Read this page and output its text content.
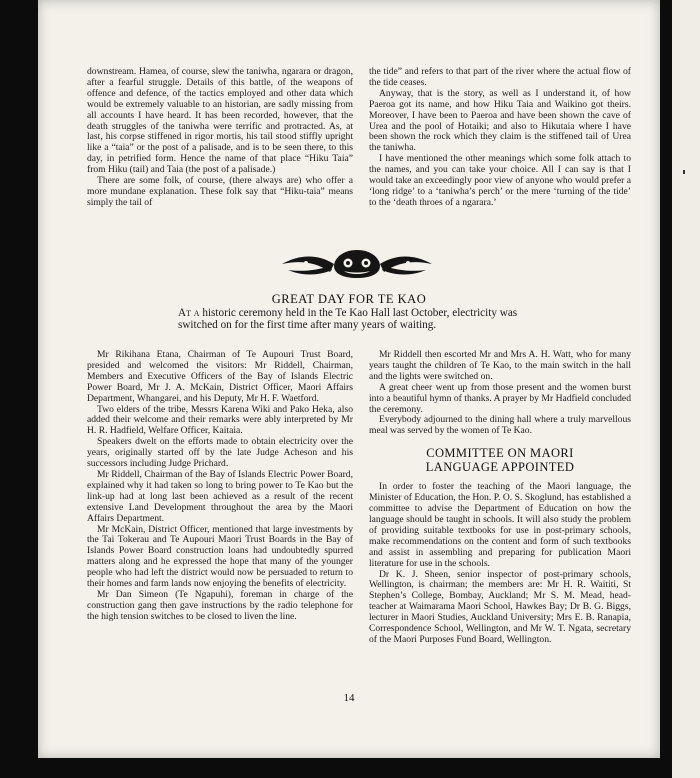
downstream. Hamea, of course, slew the taniwha, ngarara or dragon, after a fearful struggle. Details of this battle, of the weapons of offence and defence, of the tactics employed and other data which would be extremely valuable to an historian, are sadly missing from all accounts I have heard. It has been recorded, however, that the death struggles of the taniwha were terrific and protracted. As, at last, his corpse stiffened in rigor mortis, his tail stood stiffly upright like a “taia” or the post of a palisade, and is to be seen there, to this day, in petrified form. Hence the name of that place “Hiku Taia” from Hiku (tail) and Taia (the post of a palisade.)

There are some folk, of course, (there always are) who offer a more mundane explanation. These folk say that “Hiku-taia” means simply the tail of

the tide” and refers to that part of the river where the actual flow of the tide ceases.

Anyway, that is the story, as well as I understand it, of how Paeroa got its name, and how Hiku Taia and Waikino got theirs. Moreover, I have been to Paeroa and have been shown the cave of Urea and the pool of Hotaiki; and also to Hikutaia where I have been shown the rock which they claim is the stiffened tail of Urea the taniwha.

I have mentioned the other meanings which some folk attach to the names, and you can take your choice. All I can say is that I would take an exceedingly poor view of anyone who would prefer a ‘long ridge’ to a ‘taniwha’s perch’ or the mere ‘turning of the tide’ to the ‘death throes of a ngarara.’

GREAT DAY FOR TE KAO
At a historic ceremony held in the Te Kao Hall last October, electricity was switched on for the first time after many years of waiting.

Mr Rikihana Etana, Chairman of Te Aupouri Trust Board, presided and welcomed the visitors: Mr Riddell, Chairman, Members and Executive Officers of the Bay of Islands Electric Power Board, Mr J. A. McKain, District Officer, Maori Affairs Department, Whangarei, and his Deputy, Mr H. F. Waetford.

Two elders of the tribe, Messrs Karena Wiki and Pako Heka, also added their welcome and their remarks were ably interpreted by Mr H. R. Hadfield, Welfare Officer, Kaitaia.

Speakers dwelt on the efforts made to obtain electricity over the years, originally started off by the late Judge Acheson and his successors including Judge Prichard.

Mr Riddell, Chairman of the Bay of Islands Electric Power Board, explained why it had taken so long to bring power to Te Kao but the link-up had at long last been achieved as a result of the recent extensive Land Development throughout the area by the Maori Affairs Department.

Mr McKain, District Officer, mentioned that large investments by the Tai Tokerau and Te Aupouri Maori Trust Boards in the Bay of Islands Power Board construction loans had undoubtedly spurred matters along and he expressed the hope that many of the younger people who had left the district would now be persuaded to return to their homes and farm lands now enjoying the benefits of electricity.

Mr Dan Simeon (Te Ngapuhi), foreman in charge of the construction gang then gave instructions by the radio telephone for the high tension switches to be closed to liven the line.

Mr Riddell then escorted Mr and Mrs A. H. Watt, who for many years taught the children of Te Kao, to the main switch in the hall and the lights were switched on.

A great cheer went up from those present and the women burst into a beautiful hymn of thanks. A prayer by Mr Hadfield concluded the ceremony.

Everybody adjourned to the dining hall where a truly marvellous meal was served by the women of Te Kao.

COMMITTEE ON MAORI
LANGUAGE APPOINTED

In order to foster the teaching of the Maori language, the Minister of Education, the Hon. P. O. S. Skoglund, has established a committee to advise the Department of Education on how the language should be taught in schools. It will also study the problem of providing suitable textbooks for use in post-primary schools, make recommendations on the content and form of such textbooks and assist in assembling and preparing for publication Maori literature for use in the schools.

Dr K. J. Sheen, senior inspector of post-primary schools, Wellington, is chairman; the members are: Mr H. R. Waititi, St Stephen’s College, Bombay, Auckland; Mr S. M. Mead, head-teacher at Waimarama Maori School, Hawkes Bay; Dr B. G. Biggs, lecturer in Maori Studies, Auckland University; Mrs E. B. Ranapia, Correspondence School, Wellington, and Mr W. T. Ngata, secretary of the Maori Purposes Fund Board, Wellington.

14
